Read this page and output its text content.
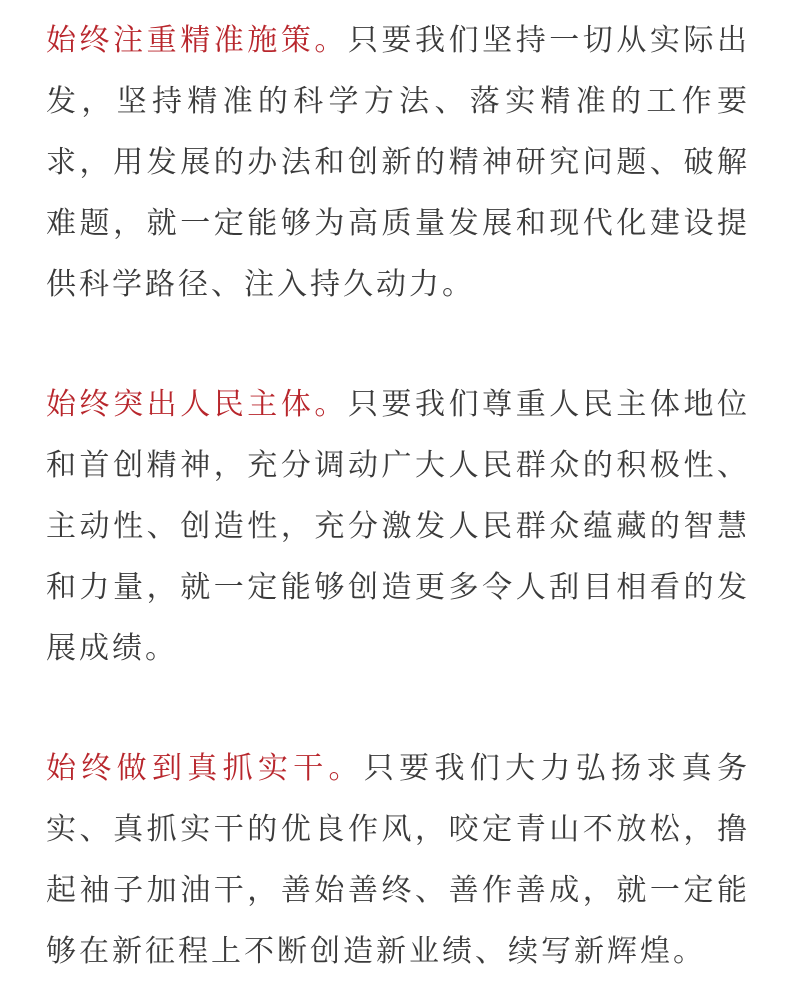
始终注重精准施策。只要我们坚持一切从实际出发，坚持精准的科学方法、落实精准的工作要求，用发展的办法和创新的精神研究问题、破解难题，就一定能够为高质量发展和现代化建设提供科学路径、注入持久动力。

始终突出人民主体。只要我们尊重人民主体地位和首创精神，充分调动广大人民群众的积极性、主动性、创造性，充分激发人民群众蕴藏的智慧和力量，就一定能够创造更多令人刮目相看的发展成绩。

始终做到真抓实干。只要我们大力弘扬求真务实、真抓实干的优良作风，咬定青山不放松，撸起袖子加油干，善始善终、善作善成，就一定能够在新征程上不断创造新业绩、续写新辉煌。
